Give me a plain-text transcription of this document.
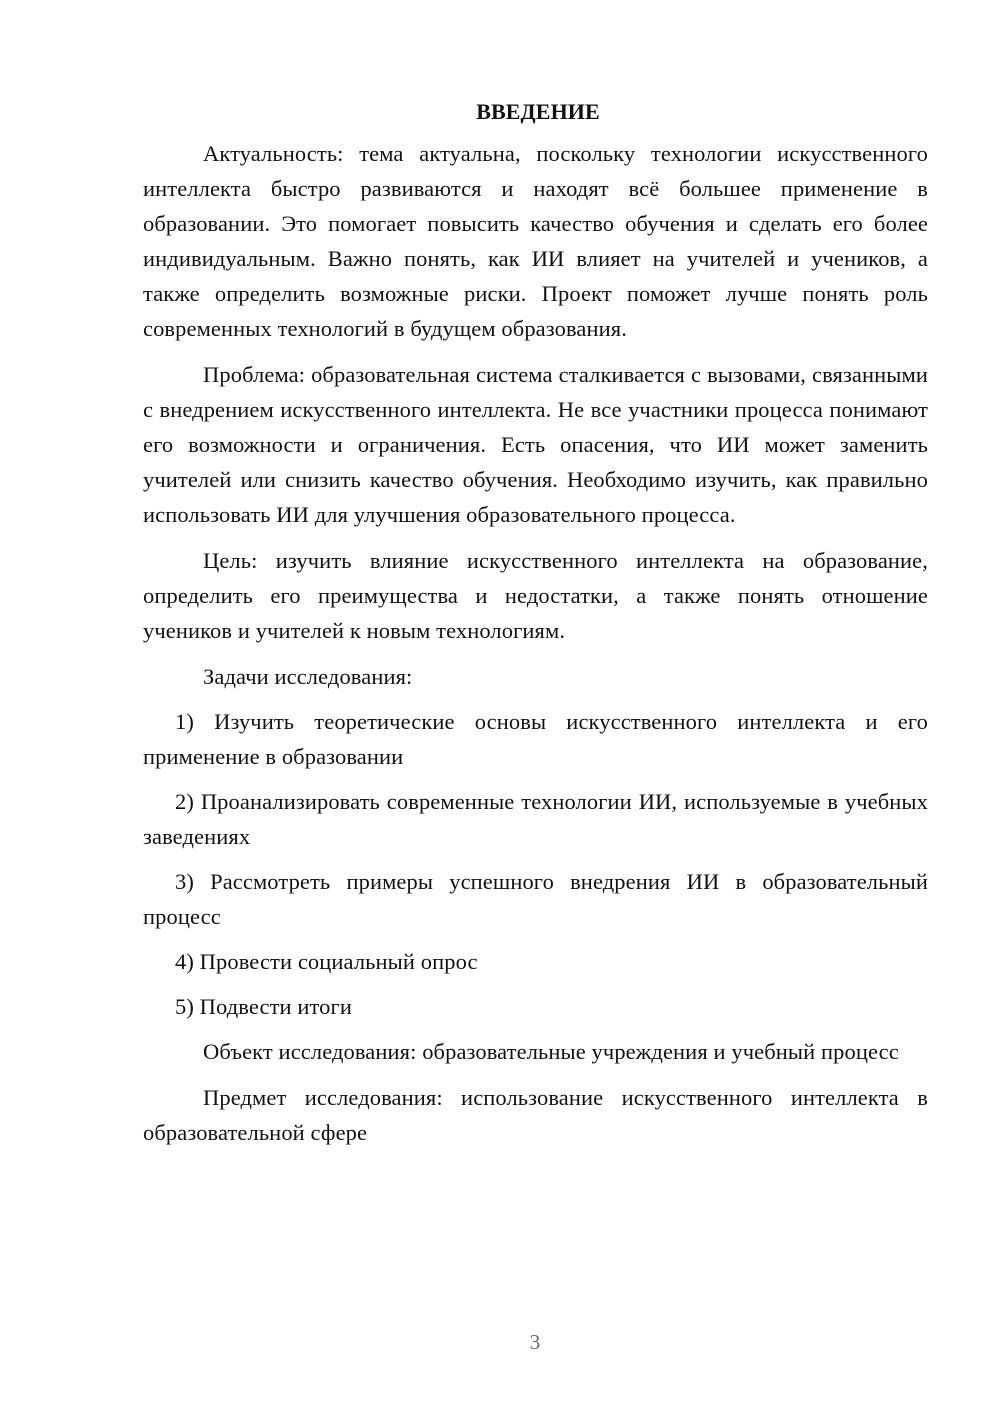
ВВЕДЕНИЕ

Актуальность: тема актуальна, поскольку технологии искусственного интеллекта быстро развиваются и находят всё большее применение в образовании. Это помогает повысить качество обучения и сделать его более индивидуальным. Важно понять, как ИИ влияет на учителей и учеников, а также определить возможные риски. Проект поможет лучше понять роль современных технологий в будущем образования.

Проблема: образовательная система сталкивается с вызовами, связанными с внедрением искусственного интеллекта. Не все участники процесса понимают его возможности и ограничения. Есть опасения, что ИИ может заменить учителей или снизить качество обучения. Необходимо изучить, как правильно использовать ИИ для улучшения образовательного процесса.

Цель: изучить влияние искусственного интеллекта на образование, определить его преимущества и недостатки, а также понять отношение учеников и учителей к новым технологиям.

Задачи исследования:

1) Изучить теоретические основы искусственного интеллекта и его применение в образовании

2) Проанализировать современные технологии ИИ, используемые в учебных заведениях

3) Рассмотреть примеры успешного внедрения ИИ в образовательный процесс

4) Провести социальный опрос

5) Подвести итоги

Объект исследования: образовательные учреждения и учебный процесс

Предмет исследования: использование искусственного интеллекта в образовательной сфере

3
